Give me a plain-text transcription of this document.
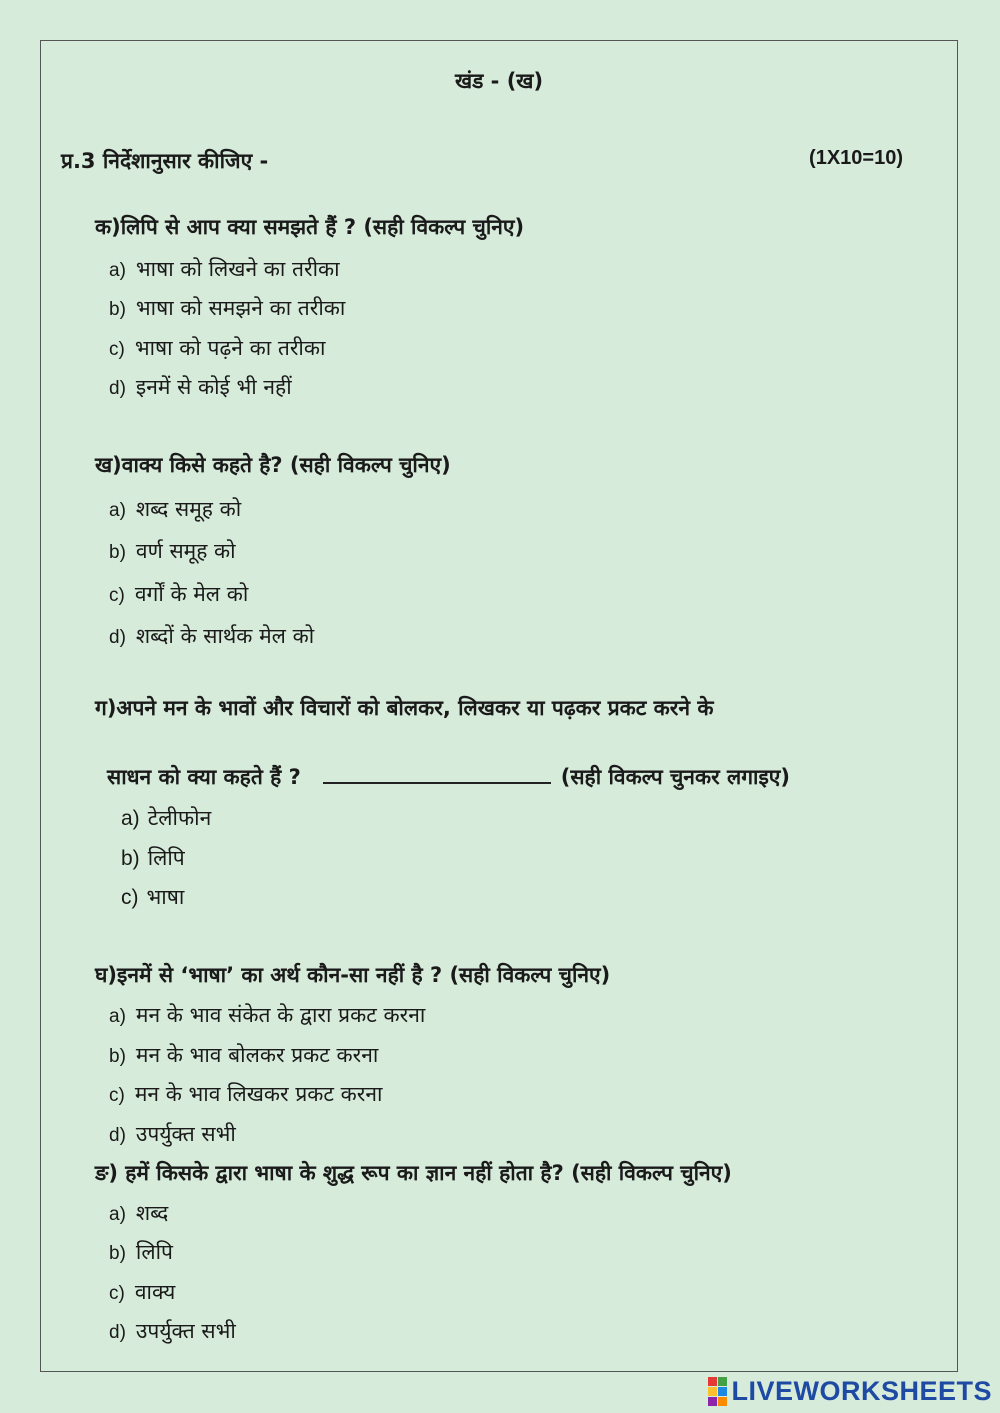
खंड - (ख)
प्र.3 निर्देशानुसार कीजिए -	(1X10=10)
क)लिपि से आप क्या समझते हैं ? (सही विकल्प चुनिए)
a) भाषा को लिखने का तरीका
b) भाषा को समझने का तरीका
c) भाषा को पढ़ने का तरीका
d) इनमें से कोई भी नहीं
ख)वाक्य किसे कहते है? (सही विकल्प चुनिए)
a) शब्द समूह को
b) वर्ण समूह को
c) वर्गों के मेल को
d) शब्दों के सार्थक मेल को
ग)अपने मन के भावों और विचारों को बोलकर, लिखकर या पढ़कर प्रकट करने के
साधन को क्या कहते हैं ?	(सही विकल्प चुनकर लगाइए)
a) टेलीफोन
b) लिपि
c) भाषा
घ)इनमें से ‘भाषा’ का अर्थ कौन-सा नहीं है ? (सही विकल्प चुनिए)
a) मन के भाव संकेत के द्वारा प्रकट करना
b) मन के भाव बोलकर प्रकट करना
c) मन के भाव लिखकर प्रकट करना
d) उपर्युक्त सभी
ङ) हमें किसके द्वारा भाषा के शुद्ध रूप का ज्ञान नहीं होता है? (सही विकल्प चुनिए)
a) शब्द
b) लिपि
c) वाक्य
d) उपर्युक्त सभी
LIVEWORKSHEETS
